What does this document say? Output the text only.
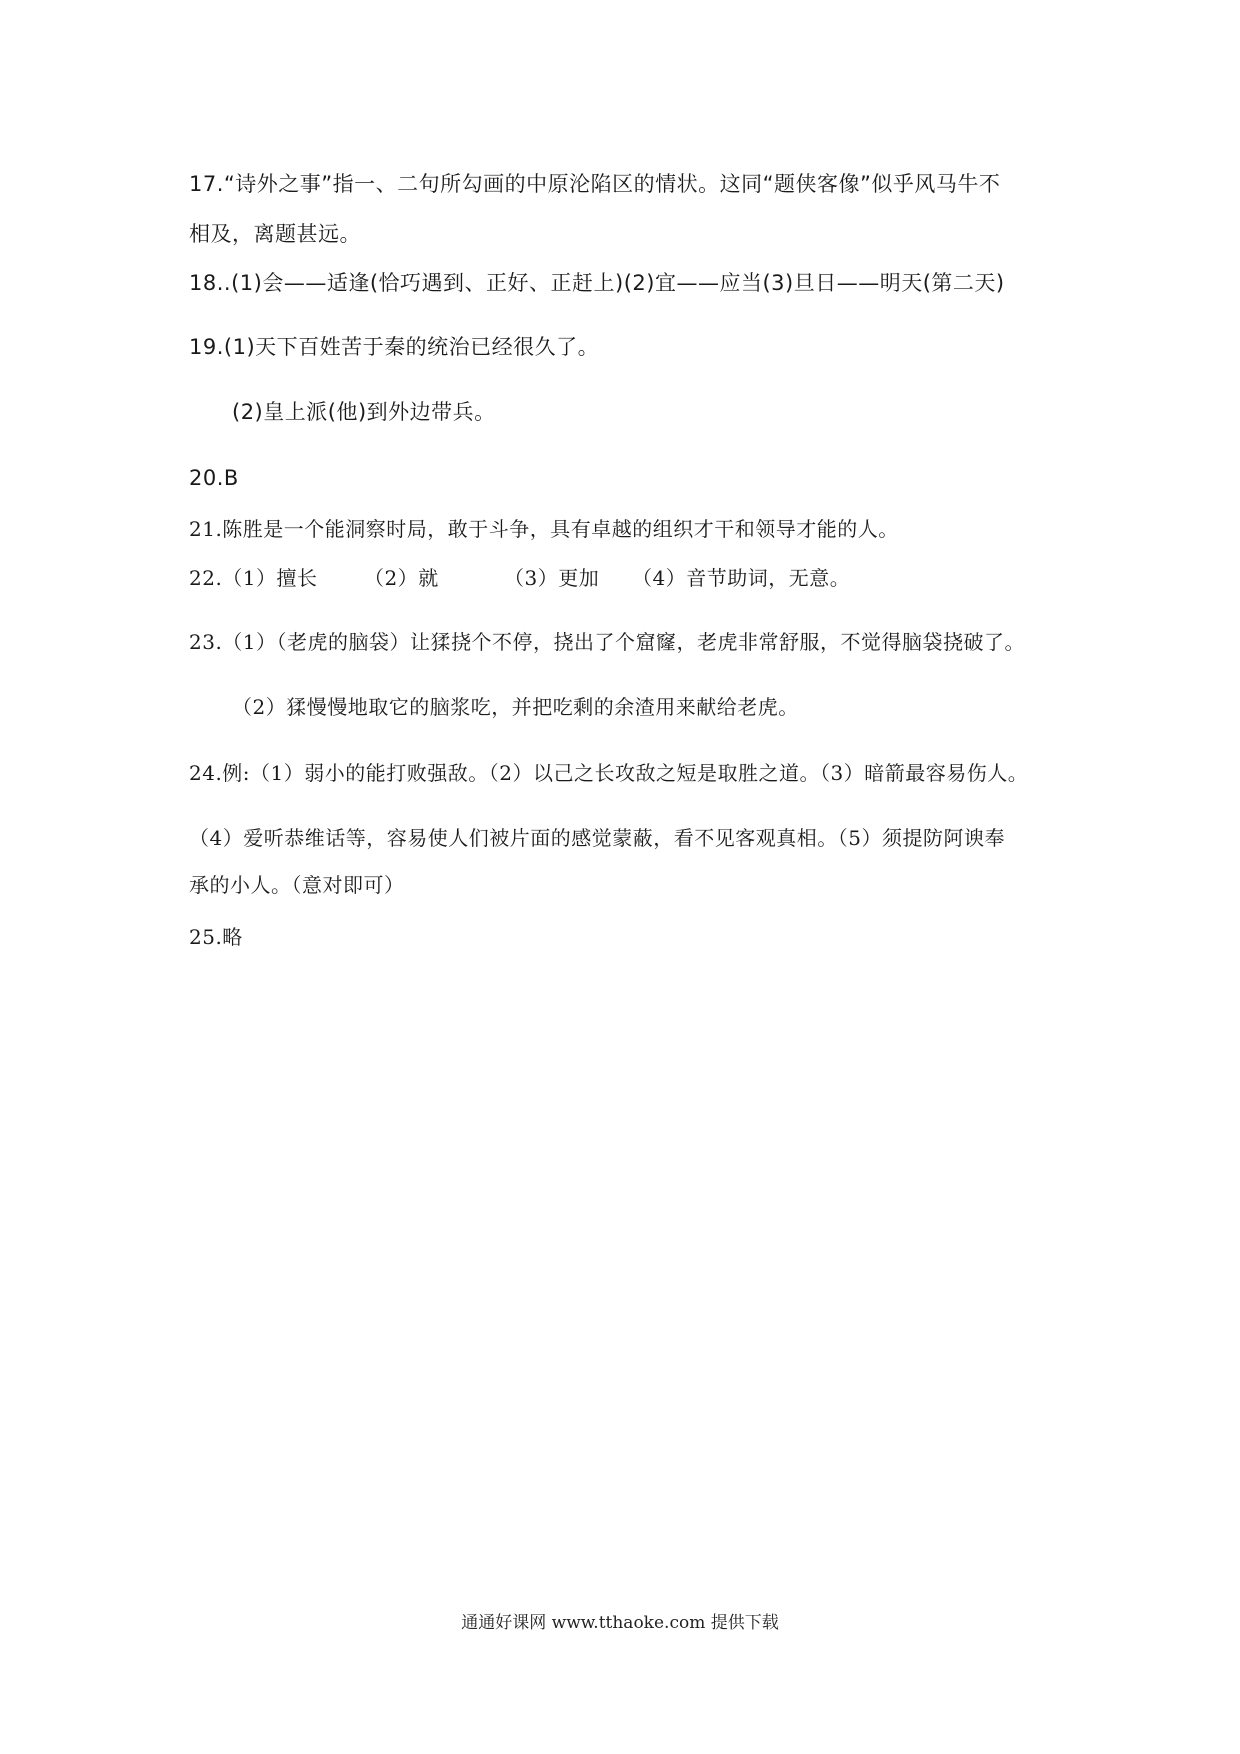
17.“诗外之事”指一、二句所勾画的中原沦陷区的情状。这同“题侠客像”似乎风马牛不
相及，离题甚远。
18..(1)会——适逢(恰巧遇到、正好、正赶上)(2)宜——应当(3)旦日——明天(第二天)
19.(1)天下百姓苦于秦的统治已经很久了。
(2)皇上派(他)到外边带兵。
20.B
21.陈胜是一个能洞察时局，敢于斗争，具有卓越的组织才干和领导才能的人。
22.（1）擅长 （2）就	（3）更加 （4）音节助词，无意。
23.（1）（老虎的脑袋）让猱挠个不停，挠出了个窟窿，老虎非常舒服，不觉得脑袋挠破了。
（2）猱慢慢地取它的脑浆吃，并把吃剩的余渣用来献给老虎。
24.例:（1）弱小的能打败强敌。（2）以己之长攻敌之短是取胜之道。（3）暗箭最容易伤人。
（4）爱听恭维话等，容易使人们被片面的感觉蒙蔽，看不见客观真相。（5）须提防阿谀奉
承的小人。（意对即可）
25.略
通通好课网 www.tthaoke.com 提供下载
